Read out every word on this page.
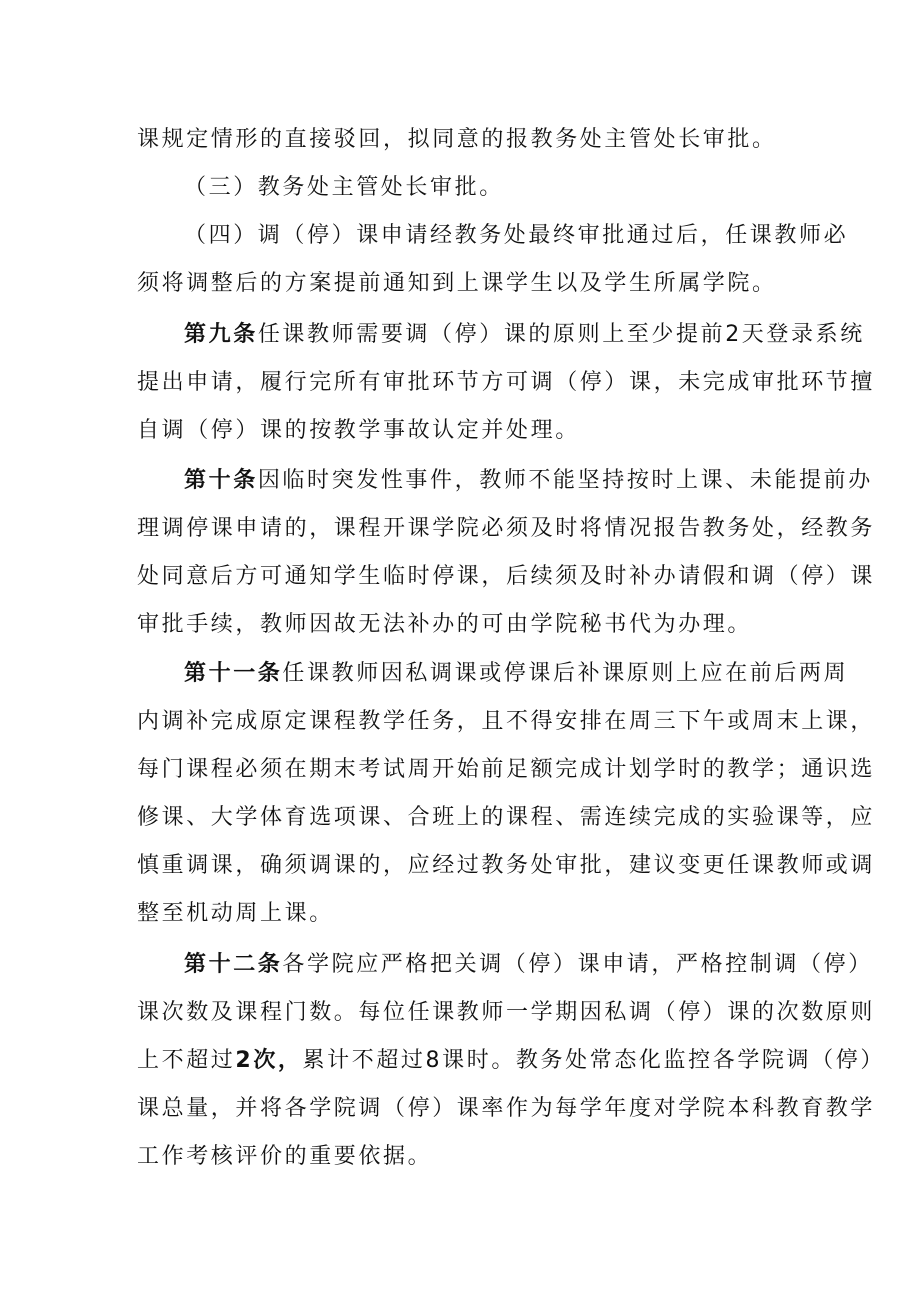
课规定情形的直接驳回，拟同意的报教务处主管处长审批。
（三）教务处主管处长审批。
（四）调（停）课申请经教务处最终审批通过后，任课教师必
须将调整后的方案提前通知到上课学生以及学生所属学院。
第九条任课教师需要调（停）课的原则上至少提前2天登录系统
提出申请，履行完所有审批环节方可调（停）课，未完成审批环节擅
自调（停）课的按教学事故认定并处理。
第十条因临时突发性事件，教师不能坚持按时上课、未能提前办
理调停课申请的，课程开课学院必须及时将情况报告教务处，经教务
处同意后方可通知学生临时停课，后续须及时补办请假和调（停）课
审批手续，教师因故无法补办的可由学院秘书代为办理。
第十一条任课教师因私调课或停课后补课原则上应在前后两周
内调补完成原定课程教学任务，且不得安排在周三下午或周末上课，
每门课程必须在期末考试周开始前足额完成计划学时的教学；通识选
修课、大学体育选项课、合班上的课程、需连续完成的实验课等，应
慎重调课，确须调课的，应经过教务处审批，建议变更任课教师或调
整至机动周上课。
第十二条各学院应严格把关调（停）课申请，严格控制调（停）
课次数及课程门数。每位任课教师一学期因私调（停）课的次数原则
上不超过2次，累计不超过8课时。教务处常态化监控各学院调（停）
课总量，并将各学院调（停）课率作为每学年度对学院本科教育教学
工作考核评价的重要依据。
